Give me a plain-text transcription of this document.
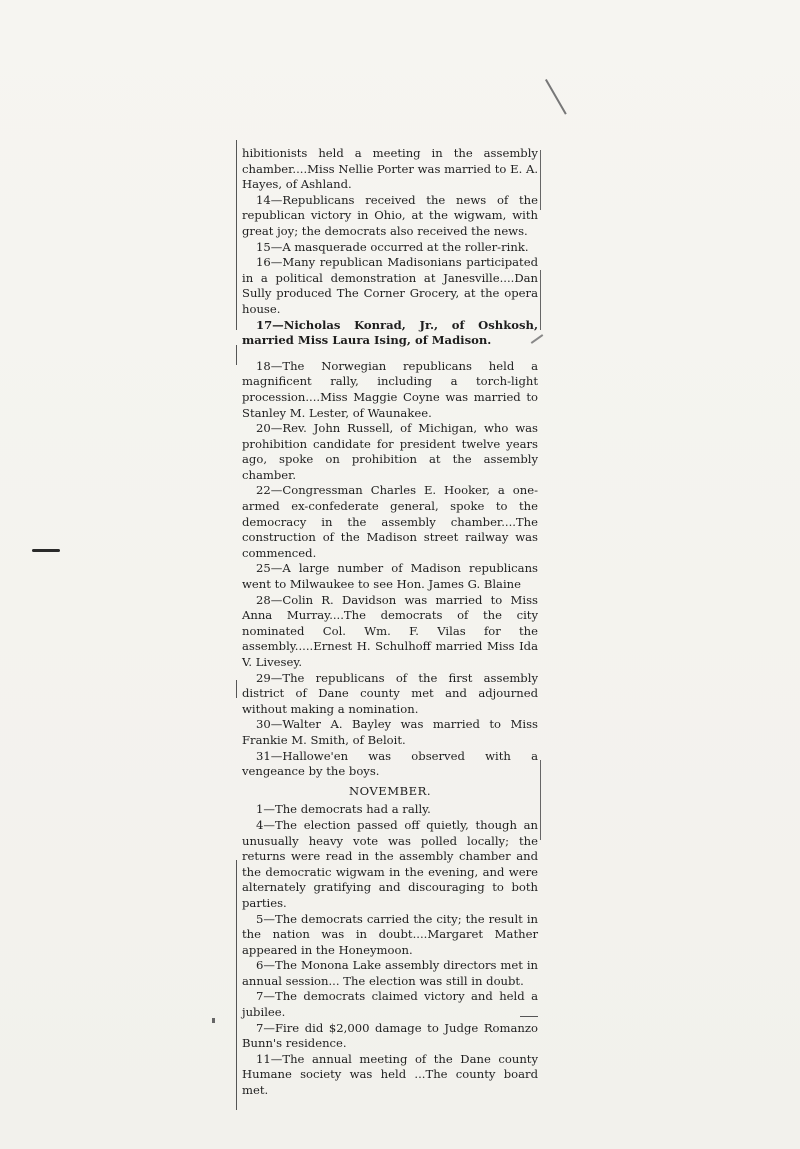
hibitionists held a meeting in the assembly chamber....Miss Nellie Porter was married to E. A. Hayes, of Ashland.

14—Republicans received the news of the republican victory in Ohio, at the wigwam, with great joy; the democrats also received the news.

15—A masquerade occurred at the roller-rink.

16—Many republican Madisonians participated in a political demonstration at Janesville....Dan Sully produced The Corner Grocery, at the opera house.

17—Nicholas Konrad, Jr., of Oshkosh, married Miss Laura Ising, of Madison.

18—The Norwegian republicans held a magnificent rally, including a torch-light procession....Miss Maggie Coyne was married to Stanley M. Lester, of Waunakee.

20—Rev. John Russell, of Michigan, who was prohibition candidate for president twelve years ago, spoke on prohibition at the assembly chamber.

22—Congressman Charles E. Hooker, a one-armed ex-confederate general, spoke to the democracy in the assembly chamber....The construction of the Madison street railway was commenced.

25—A large number of Madison republicans went to Milwaukee to see Hon. James G. Blaine

28—Colin R. Davidson was married to Miss Anna Murray....The democrats of the city nominated Col. Wm. F. Vilas for the assembly.....Ernest H. Schulhoff married Miss Ida V. Livesey.

29—The republicans of the first assembly district of Dane county met and adjourned without making a nomination.

30—Walter A. Bayley was married to Miss Frankie M. Smith, of Beloit.

31—Hallowe'en was observed with a vengeance by the boys.

NOVEMBER.

1—The democrats had a rally.

4—The election passed off quietly, though an unusually heavy vote was polled locally; the returns were read in the assembly chamber and the democratic wigwam in the evening, and were alternately gratifying and discouraging to both parties.

5—The democrats carried the city; the result in the nation was in doubt....Margaret Mather appeared in the Honeymoon.

6—The Monona Lake assembly directors met in annual session... The election was still in doubt.

7—The democrats claimed victory and held a jubilee.

7—Fire did $2,000 damage to Judge Romanzo Bunn's residence.

11—The annual meeting of the Dane county Humane society was held ...The county board met.
